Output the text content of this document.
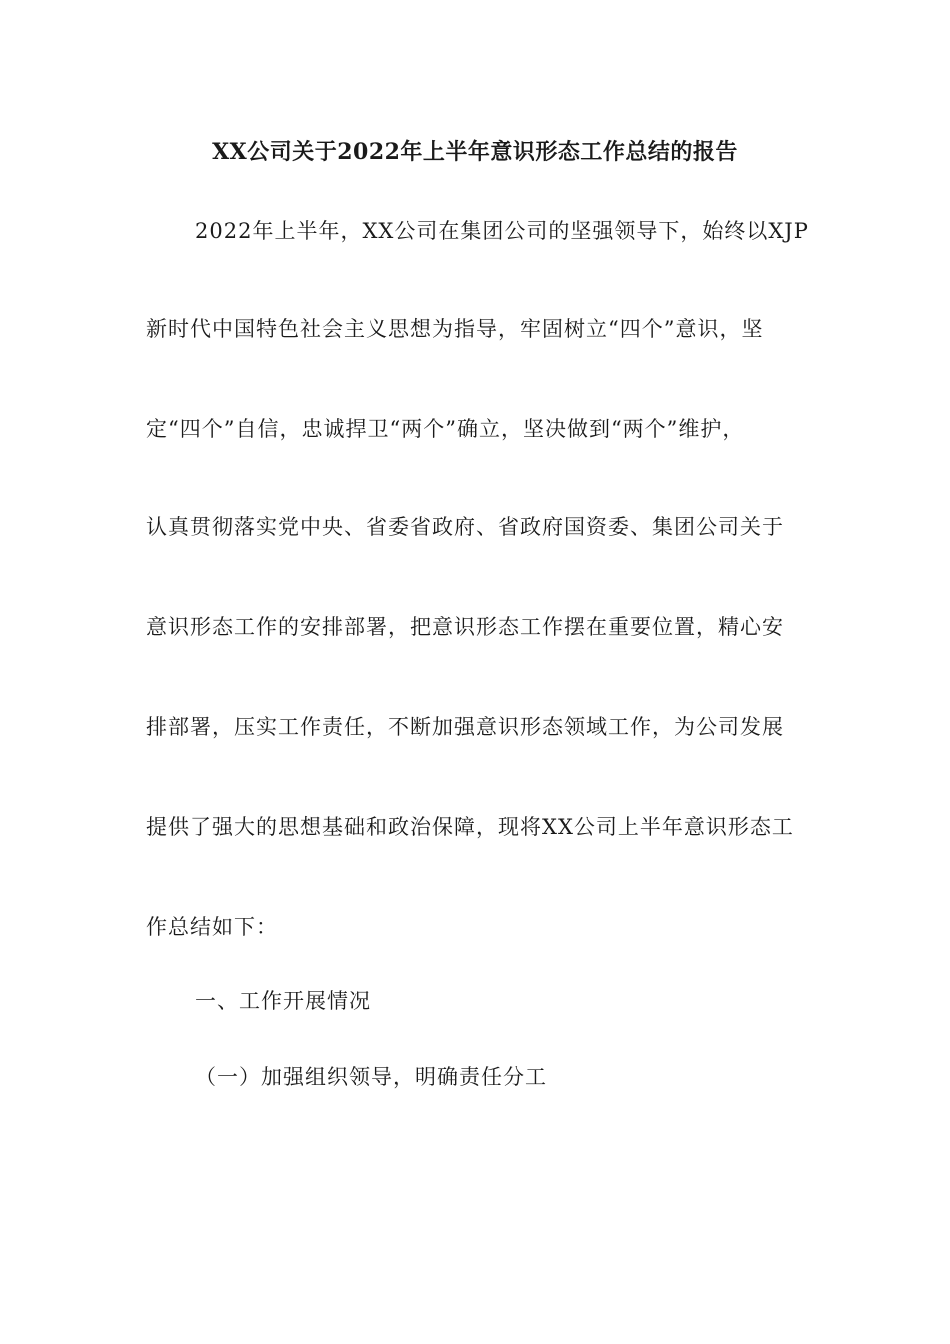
XX公司关于2022年上半年意识形态工作总结的报告
2022年上半年，XX公司在集团公司的坚强领导下，始终以XJP
新时代中国特色社会主义思想为指导，牢固树立“四个”意识，坚
定“四个”自信，忠诚捍卫“两个”确立，坚决做到“两个”维护，
认真贯彻落实党中央、省委省政府、省政府国资委、集团公司关于
意识形态工作的安排部署，把意识形态工作摆在重要位置，精心安
排部署，压实工作责任，不断加强意识形态领域工作，为公司发展
提供了强大的思想基础和政治保障，现将XX公司上半年意识形态工
作总结如下：
一、工作开展情况
（一）加强组织领导，明确责任分工
